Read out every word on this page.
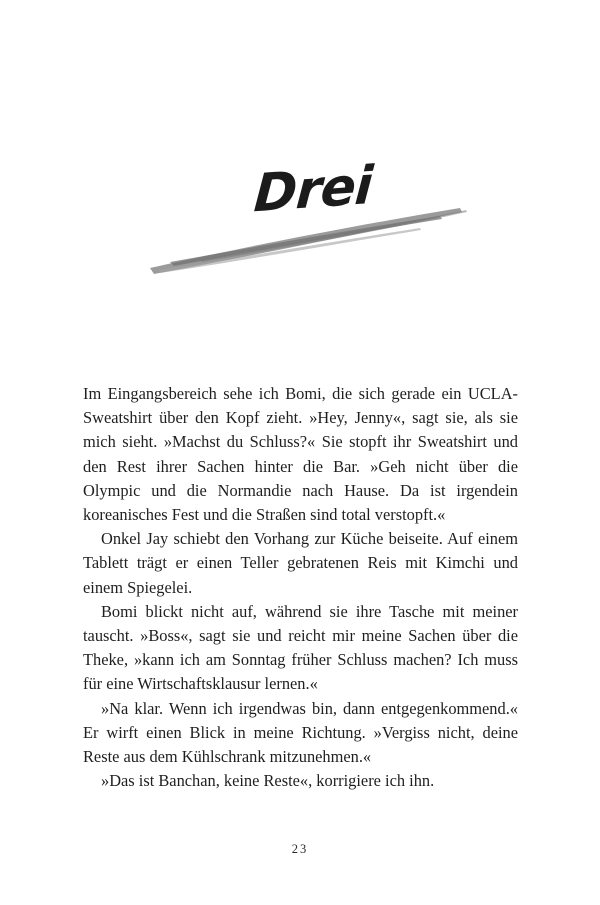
Drei

Im Eingangsbereich sehe ich Bomi, die sich gerade ein UCLA-Sweatshirt über den Kopf zieht. »Hey, Jenny«, sagt sie, als sie mich sieht. »Machst du Schluss?« Sie stopft ihr Sweatshirt und den Rest ihrer Sachen hinter die Bar. »Geh nicht über die Olympic und die Normandie nach Hause. Da ist irgendein koreanisches Fest und die Straßen sind total verstopft.«

Onkel Jay schiebt den Vorhang zur Küche beiseite. Auf einem Tablett trägt er einen Teller gebratenen Reis mit Kimchi und einem Spiegelei.

Bomi blickt nicht auf, während sie ihre Tasche mit meiner tauscht. »Boss«, sagt sie und reicht mir meine Sachen über die Theke, »kann ich am Sonntag früher Schluss machen? Ich muss für eine Wirtschaftsklausur lernen.«

»Na klar. Wenn ich irgendwas bin, dann entgegenkommend.« Er wirft einen Blick in meine Richtung. »Vergiss nicht, deine Reste aus dem Kühlschrank mitzunehmen.«

»Das ist Banchan, keine Reste«, korrigiere ich ihn.

23
